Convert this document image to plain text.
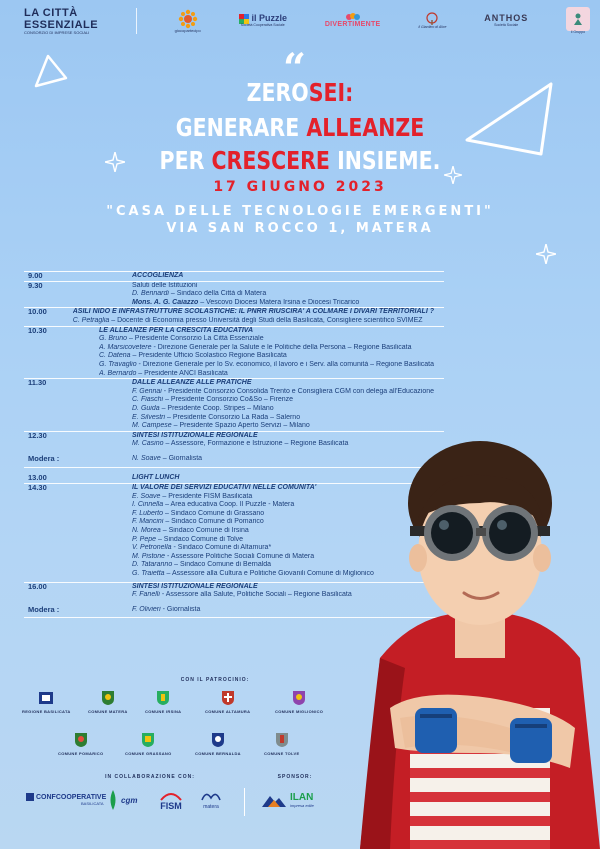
LA CITTÀ
ESSENZIALE
CONSORZIO DI IMPRESE SOCIALI	giocopartecipo
il Puzzle
Società Cooperativa Sociale	DIVERTIMENTE	Il Giardino di Alice
ANTHOS
Società Sociale
il Gruppo
“
ZEROSEI:
GENERARE ALLEANZE
PER CRESCERE INSIEME.
17 GIUGNO 2023
"CASA DELLE TECNOLOGIE EMERGENTI"
VIA SAN ROCCO 1, MATERA
9.00	ACCOGLIENZA
9.30	Saluti delle Istituzioni
D. Bennardi – Sindaco della Città di Matera
Mons. A. G. Caiazzo – Vescovo Diocesi Matera Irsina e Diocesi Tricarico
10.00	ASILI NIDO E INFRASTRUTTURE SCOLASTICHE: IL PNRR RIUSCIRA' A COLMARE I DIVARI TERRITORIALI ?
C. Petraglia – Docente di Economia presso Università degli Studi della Basilicata, Consigliere scientifico SVIMEZ
10.30	LE ALLEANZE PER LA CRESCITA EDUCATIVA
G. Bruno – Presidente Consorzio La Città Essenziale
A. Marsicovetere - Direzione Generale per la Salute e le Politiche della Persona – Regione Basilicata
C. Datena – Presidente Ufficio Scolastico Regione Basilicata
G. Travaglio - Direzione Generale per lo Sv. economico, il lavoro e i Serv. alla comunità – Regione Basilicata
A. Bernardo – Presidente ANCI Basilicata
11.30	DALLE ALLEANZE ALLE PRATICHE
F. Gennai - Presidente Consorzio Consolida Trento e Consigliera CGM con delega all'Educazione
C. Fiaschi – Presidente Consorzio Co&So – Firenze
D. Guida – Presidente Coop. Stripes – Milano
E. Silvestri – Presidente Consorzio La Rada – Salerno
M. Campese – Presidente Spazio Aperto Servizi – Milano
12.30	SINTESI ISTITUZIONALE REGIONALE
M. Casino – Assessore, Formazione e Istruzione – Regione Basilicata
Modera :	N. Soave – Giornalista
13.00	LIGHT LUNCH
14.30	IL VALORE DEI SERVIZI EDUCATIVI NELLE COMUNITA'
E. Soave – Presidente FISM Basilicata
I. Cinnella – Area educativa Coop. Il Puzzle - Matera
F. Luberto – Sindaco Comune di Grassano
F. Mancini – Sindaco Comune di Pomarico
N. Morea – Sindaco Comune di Irsina
P. Pepe – Sindaco Comune di Tolve
V. Petronella - Sindaco Comune di Altamura*
M. Pistone - Assessore Politiche Sociali Comune di Matera
D. Tataranno – Sindaco Comune di Bernalda
G. Traietta – Assessore alla Cultura e Politiche Giovanili Comune di Miglionico
16.00	SINTESI ISTITUZIONALE REGIONALE
F. Fanelli - Assessore alla Salute, Politiche Sociali – Regione Basilicata
Modera :	F. Olivieri - Giornalista
CON IL PATROCINIO:
REGIONE BASILICATA	COMUNE MATERA	COMUNE IRSINA	COMUNE ALTAMURA	COMUNE MIGLIONICO
COMUNE POMARICO	COMUNE GRASSANO	COMUNE BERNALDA	COMUNE TOLVE
IN COLLABORAZIONE CON:	SPONSOR:
CONFCOOPERATIVE
BASILICATA cgm
FISM	matera
ILAN
impresa edile
